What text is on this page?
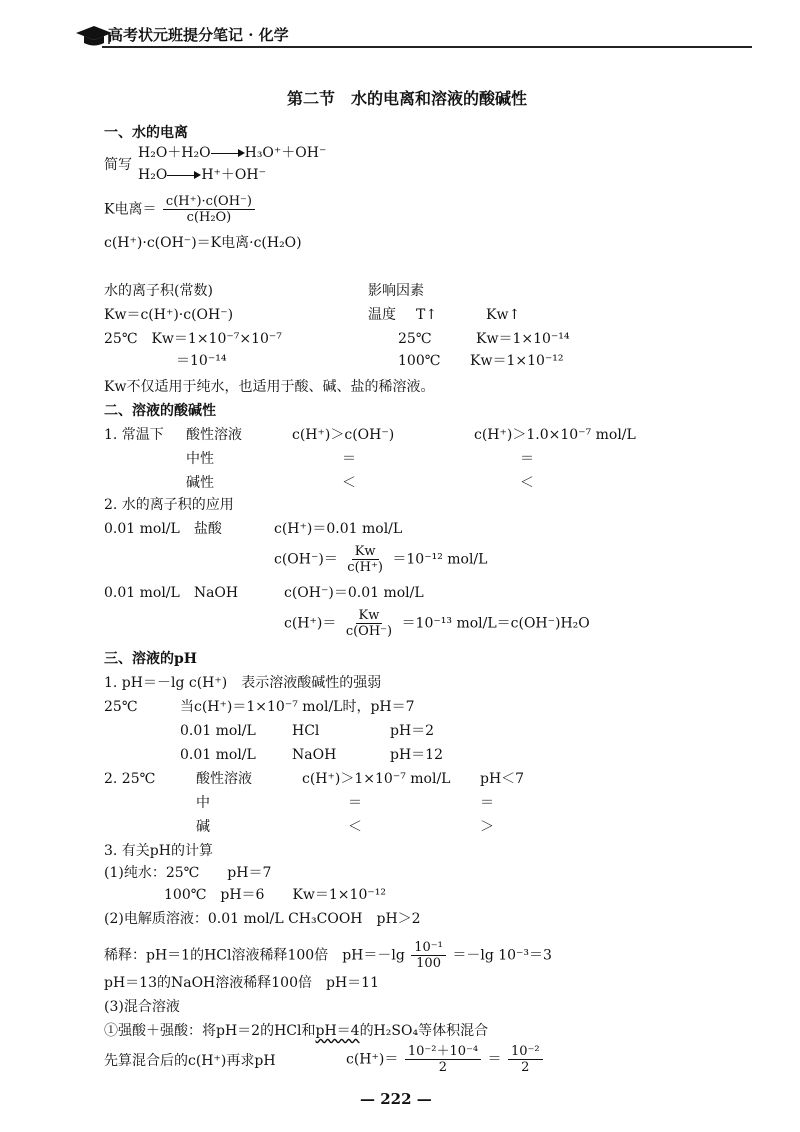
高考状元班提分笔记 · 化学
第二节　水的电离和溶液的酸碱性
一、水的电离
简写
H₂O＋H₂O H₃O⁺＋OH⁻
H₂O H⁺＋OH⁻
K电离＝ $\frac{c(H^+)\cdot c(OH^-)}{\text{c(H₂O)}}$
c(H⁺)·c(OH⁻)＝K电离·c(H₂O)
水的离子积(常数)	影响因素
Kw＝c(H⁺)·c(OH⁻)	温度 T↑	Kw↑
25℃　Kw＝1×10⁻⁷×10⁻⁷
＝10⁻¹⁴
25℃	Kw＝1×10⁻¹⁴
100℃ Kw＝1×10⁻¹²
Kw不仅适用于纯水，也适用于酸、碱、盐的稀溶液。
二、溶液的酸碱性
1. 常温下 酸性溶液	c(H⁺)＞c(OH⁻)	c(H⁺)＞1.0×10⁻⁷ mol/L
中性	＝	＝
碱性	＜	＜
2. 水的离子积的应用
0.01 mol/L　盐酸	c(H⁺)＝0.01 mol/L
$c(OH^-)= \frac{Kw}{c(H^+)} =10^{-12}$ mol/L
0.01 mol/L　NaOH	c(OH⁻)＝0.01 mol/L
$c(H^+)= \frac{Kw}{c(OH^-)} =10^{-13}$ mol/L＝c(OH⁻)H₂O
三、溶液的pH
1. pH＝－lg c(H⁺)　表示溶液酸碱性的强弱
25℃	当c(H⁺)＝1×10⁻⁷ mol/L时，pH＝7
0.01 mol/L	HCl	pH＝2
0.01 mol/L	NaOH	pH＝12
2. 25℃	酸性溶液	c(H⁺)＞1×10⁻⁷ mol/L pH＜7
中	＝	＝
碱	＜	＞
3. 有关pH的计算
(1)纯水：25℃　　pH＝7
100℃　pH＝6　　Kw＝1×10⁻¹²
(2)电解质溶液：0.01 mol/L CH₃COOH　pH＞2
稀释：pH＝1的HCl溶液稀释100倍　$pH=-\lg \frac{\text{10⁻¹}}{100} =-\lg$ 10⁻³＝3
pH＝13的NaOH溶液稀释100倍　pH＝11
(3)混合溶液
①强酸＋强酸：将pH＝2的HCl和pH＝4的H₂SO₄等体积混合
先算混合后的c(H⁺)再求pH	$c(H^+)= \frac{\text{10⁻²＋10⁻⁴}}{2} = \frac{\text{10⁻²}}{2}$
— 222 —
